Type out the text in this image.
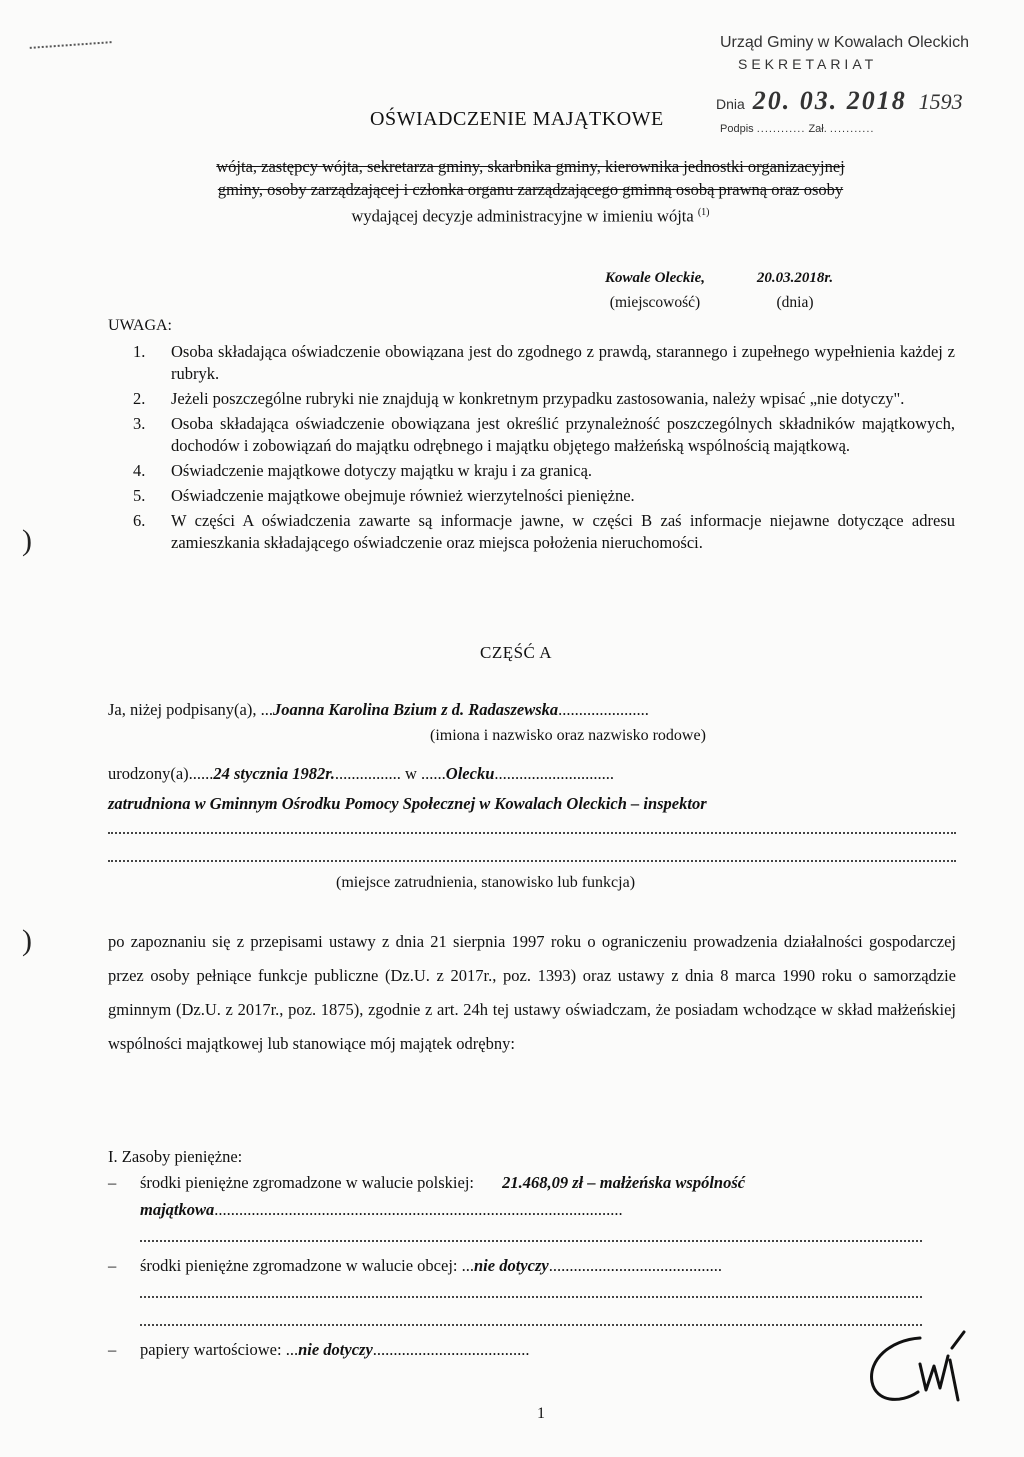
Urząd Gminy w Kowalach Oleckich
SEKRETARIAT
Dnia 20. 03. 2018 1593
Podpis ............ Zał. ...........
OŚWIADCZENIE MAJĄTKOWE
wójta, zastępcy wójta, sekretarza gminy, skarbnika gminy, kierownika jednostki organizacyjnej
gminy, osoby zarządzającej i członka organu zarządzającego gminną osobą prawną oraz osoby
wydającej decyzje administracyjne w imieniu wójta $^{(1)}$
Kowale Oleckie,	20.03.2018r.
(miejscowość)	(dnia)
UWAGA:
1.	Osoba składająca oświadczenie obowiązana jest do zgodnego z prawdą, starannego i zupełnego wypełnienia każdej z rubryk.
2.	Jeżeli poszczególne rubryki nie znajdują w konkretnym przypadku zastosowania, należy wpisać „nie dotyczy".
3.	Osoba składająca oświadczenie obowiązana jest określić przynależność poszczególnych składników majątkowych, dochodów i zobowiązań do majątku odrębnego i majątku objętego małżeńską wspólnością majątkową.
4.	Oświadczenie majątkowe dotyczy majątku w kraju i za granicą.
5.	Oświadczenie majątkowe obejmuje również wierzytelności pieniężne.
6.	W części A oświadczenia zawarte są informacje jawne, w części B zaś informacje niejawne dotyczące adresu zamieszkania składającego oświadczenie oraz miejsca położenia nieruchomości.
CZĘŚĆ A
Ja, niżej podpisany(a), ...Joanna Karolina Bzium z d. Radaszewska......................
(imiona i nazwisko oraz nazwisko rodowe)
urodzony(a)......24 stycznia 1982r................. w ......Olecku.............................
zatrudniona w Gminnym Ośrodku Pomocy Społecznej w Kowalach Oleckich – inspektor
(miejsce zatrudnienia, stanowisko lub funkcja)
po zapoznaniu się z przepisami ustawy z dnia 21 sierpnia 1997 roku o ograniczeniu prowadzenia działalności gospodarczej przez osoby pełniące funkcje publiczne (Dz.U. z 2017r., poz. 1393) oraz ustawy z dnia 8 marca 1990 roku o samorządzie gminnym (Dz.U. z 2017r., poz. 1875), zgodnie z art. 24h tej ustawy oświadczam, że posiadam wchodzące w skład małżeńskiej wspólności majątkowej lub stanowiące mój majątek odrębny:
I. Zasoby pieniężne:
– środki pieniężne zgromadzone w walucie polskiej: 21.468,09 zł – małżeńska wspólność
majątkowa...................................................................................................
– środki pieniężne zgromadzone w walucie obcej: ...nie dotyczy..........................................
– papiery wartościowe: ...nie dotyczy......................................
)
)
1
